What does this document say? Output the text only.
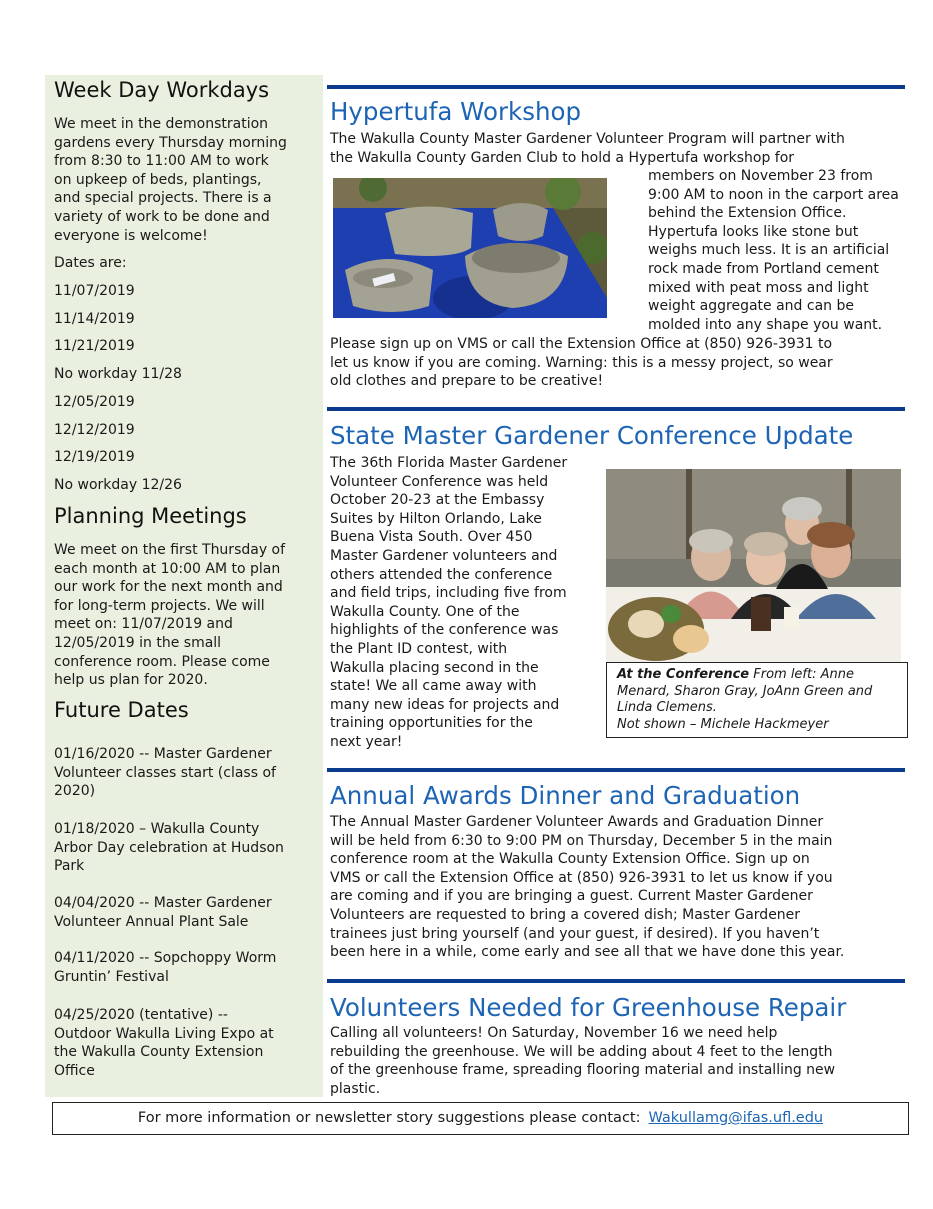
Week Day Workdays

We meet in the demonstration
gardens every Thursday morning
from 8:30 to 11:00 AM to work
on upkeep of beds, plantings,
and special projects. There is a
variety of work to be done and
everyone is welcome!

Dates are:

11/07/2019

11/14/2019

11/21/2019

No workday 11/28

12/05/2019

12/12/2019

12/19/2019

No workday 12/26

Planning Meetings

We meet on the first Thursday of
each month at 10:00 AM to plan
our work for the next month and
for long-term projects. We will
meet on: 11/07/2019 and
12/05/2019 in the small
conference room. Please come
help us plan for 2020.

Future Dates

01/16/2020 -- Master Gardener
Volunteer classes start (class of
2020)

01/18/2020 – Wakulla County
Arbor Day celebration at Hudson
Park

04/04/2020 -- Master Gardener
Volunteer Annual Plant Sale

04/11/2020 -- Sopchoppy Worm
Gruntin’ Festival

04/25/2020 (tentative) --
Outdoor Wakulla Living Expo at
the Wakulla County Extension
Office

Hypertufa Workshop

The Wakulla County Master Gardener Volunteer Program will partner with
the Wakulla County Garden Club to hold a Hypertufa workshop for

members on November 23 from
9:00 AM to noon in the carport area
behind the Extension Office.
Hypertufa looks like stone but
weighs much less. It is an artificial
rock made from Portland cement
mixed with peat moss and light
weight aggregate and can be
molded into any shape you want.

Please sign up on VMS or call the Extension Office at (850) 926-3931 to
let us know if you are coming. Warning: this is a messy project, so wear
old clothes and prepare to be creative!

State Master Gardener Conference Update

The 36th Florida Master Gardener
Volunteer Conference was held
October 20-23 at the Embassy
Suites by Hilton Orlando, Lake
Buena Vista South. Over 450
Master Gardener volunteers and
others attended the conference
and field trips, including five from
Wakulla County. One of the
highlights of the conference was
the Plant ID contest, with
Wakulla placing second in the
state! We all came away with
many new ideas for projects and
training opportunities for the
next year!

At the Conference From left: Anne Menard, Sharon Gray, JoAnn Green and Linda Clemens.
Not shown – Michele Hackmeyer
Annual Awards Dinner and Graduation

The Annual Master Gardener Volunteer Awards and Graduation Dinner
will be held from 6:30 to 9:00 PM on Thursday, December 5 in the main
conference room at the Wakulla County Extension Office. Sign up on
VMS or call the Extension Office at (850) 926-3931 to let us know if you
are coming and if you are bringing a guest. Current Master Gardener
Volunteers are requested to bring a covered dish; Master Gardener
trainees just bring yourself (and your guest, if desired). If you haven’t
been here in a while, come early and see all that we have done this year.

Volunteers Needed for Greenhouse Repair

Calling all volunteers! On Saturday, November 16 we need help
rebuilding the greenhouse. We will be adding about 4 feet to the length
of the greenhouse frame, spreading flooring material and installing new
plastic.

For more information or newsletter story suggestions please contact: Wakullamg@ifas.ufl.edu
